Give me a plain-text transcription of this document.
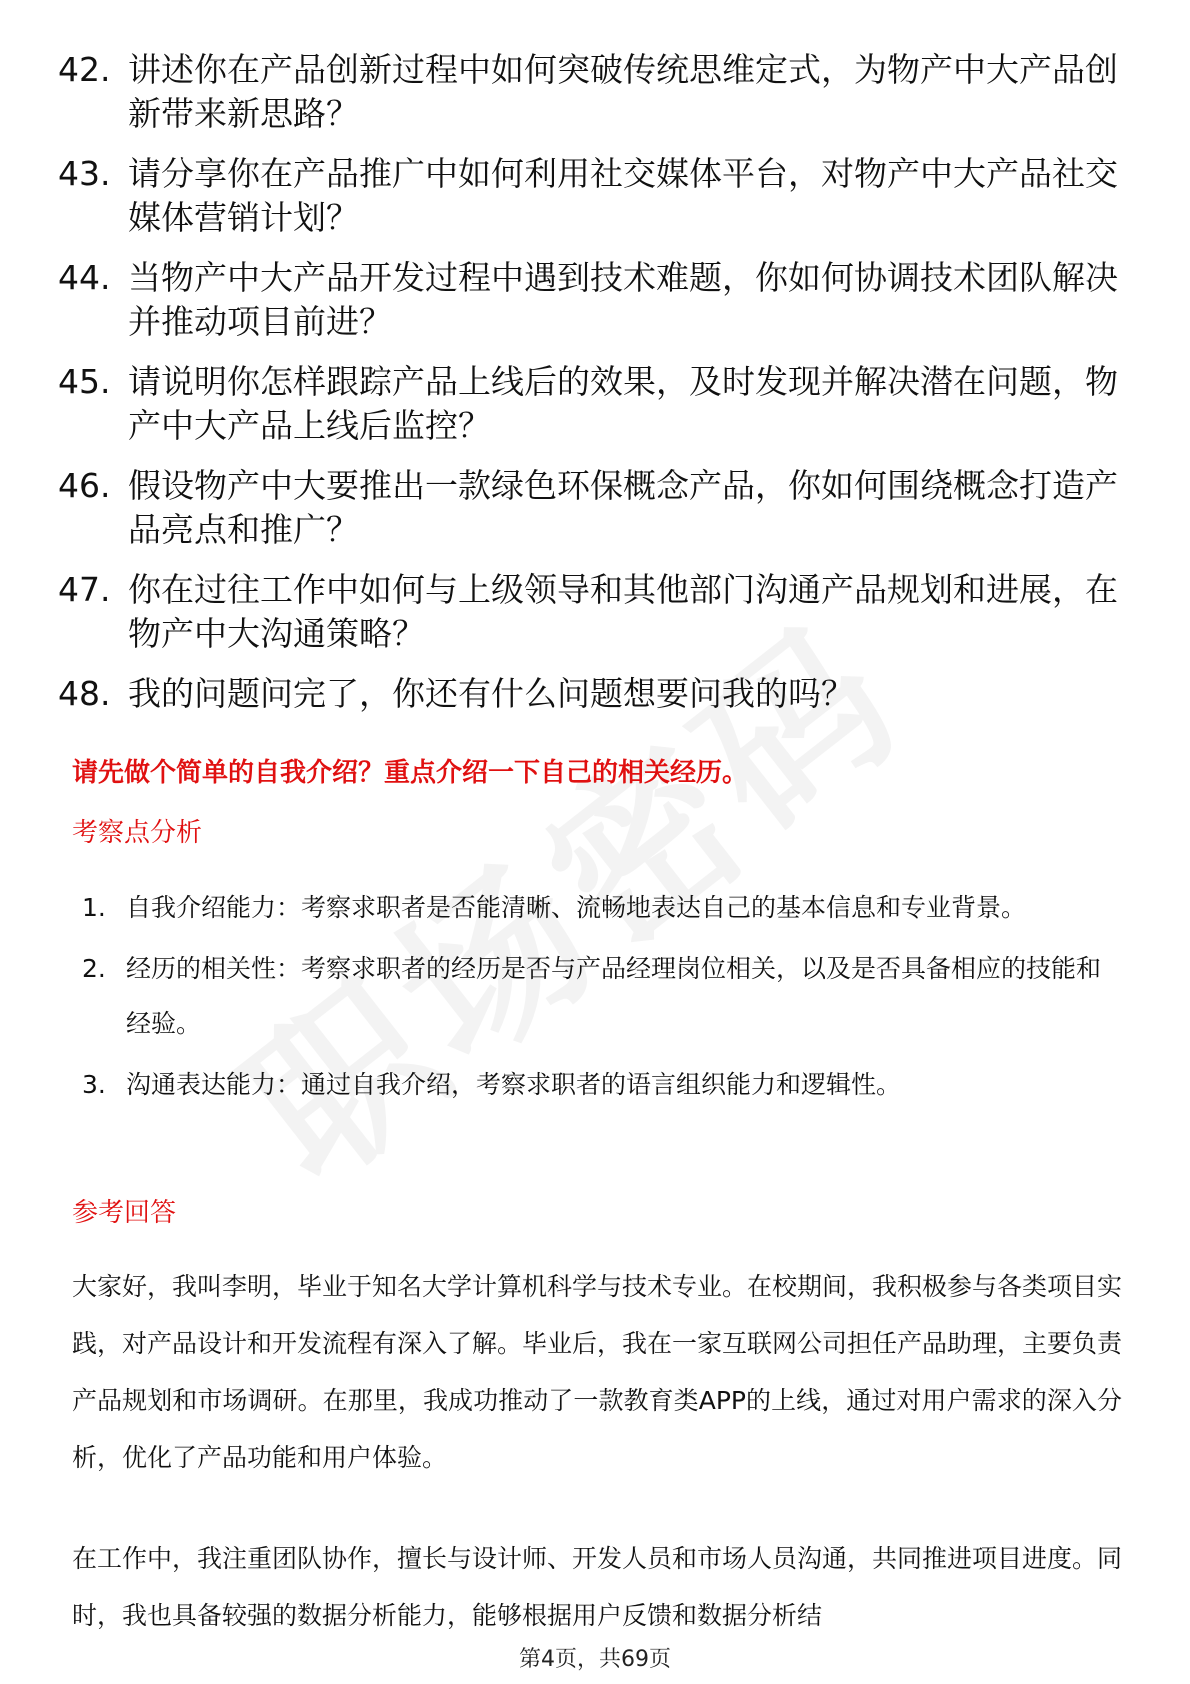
42. 讲述你在产品创新过程中如何突破传统思维定式，为物产中大产品创新带来新思路？
43. 请分享你在产品推广中如何利用社交媒体平台，对物产中大产品社交媒体营销计划？
44. 当物产中大产品开发过程中遇到技术难题，你如何协调技术团队解决并推动项目前进？
45. 请说明你怎样跟踪产品上线后的效果，及时发现并解决潜在问题，物产中大产品上线后监控？
46. 假设物产中大要推出一款绿色环保概念产品，你如何围绕概念打造产品亮点和推广？
47. 你在过往工作中如何与上级领导和其他部门沟通产品规划和进展，在物产中大沟通策略？
48. 我的问题问完了，你还有什么问题想要问我的吗？
请先做个简单的自我介绍？重点介绍一下自己的相关经历。
考察点分析
1. 自我介绍能力：考察求职者是否能清晰、流畅地表达自己的基本信息和专业背景。
2. 经历的相关性：考察求职者的经历是否与产品经理岗位相关，以及是否具备相应的技能和经验。
3. 沟通表达能力：通过自我介绍，考察求职者的语言组织能力和逻辑性。
参考回答

大家好，我叫李明，毕业于知名大学计算机科学与技术专业。在校期间，我积极参与各类项目实践，对产品设计和开发流程有深入了解。毕业后，我在一家互联网公司担任产品助理，主要负责产品规划和市场调研。在那里，我成功推动了一款教育类APP的上线，通过对用户需求的深入分析，优化了产品功能和用户体验。

在工作中，我注重团队协作，擅长与设计师、开发人员和市场人员沟通，共同推进项目进度。同时，我也具备较强的数据分析能力，能够根据用户反馈和数据分析结

第4页，共69页
